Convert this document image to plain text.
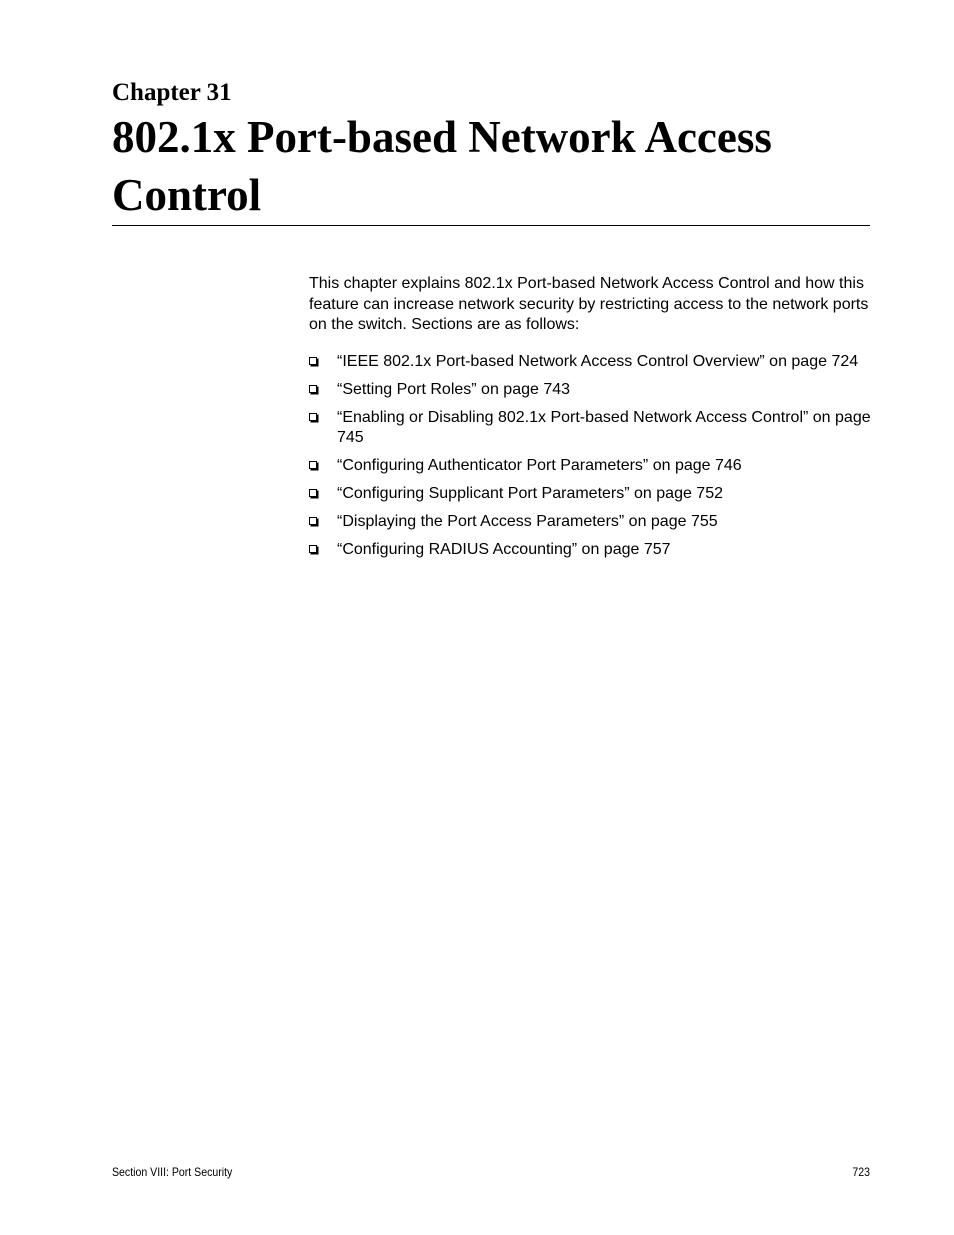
Chapter 31
802.1x Port-based Network Access Control

This chapter explains 802.1x Port-based Network Access Control and how this feature can increase network security by restricting access to the network ports on the switch. Sections are as follows:

“IEEE 802.1x Port-based Network Access Control Overview” on page 724
“Setting Port Roles” on page 743
“Enabling or Disabling 802.1x Port-based Network Access Control” on page 745
“Configuring Authenticator Port Parameters” on page 746
“Configuring Supplicant Port Parameters” on page 752
“Displaying the Port Access Parameters” on page 755
“Configuring RADIUS Accounting” on page 757
Section VIII: Port Security	723
